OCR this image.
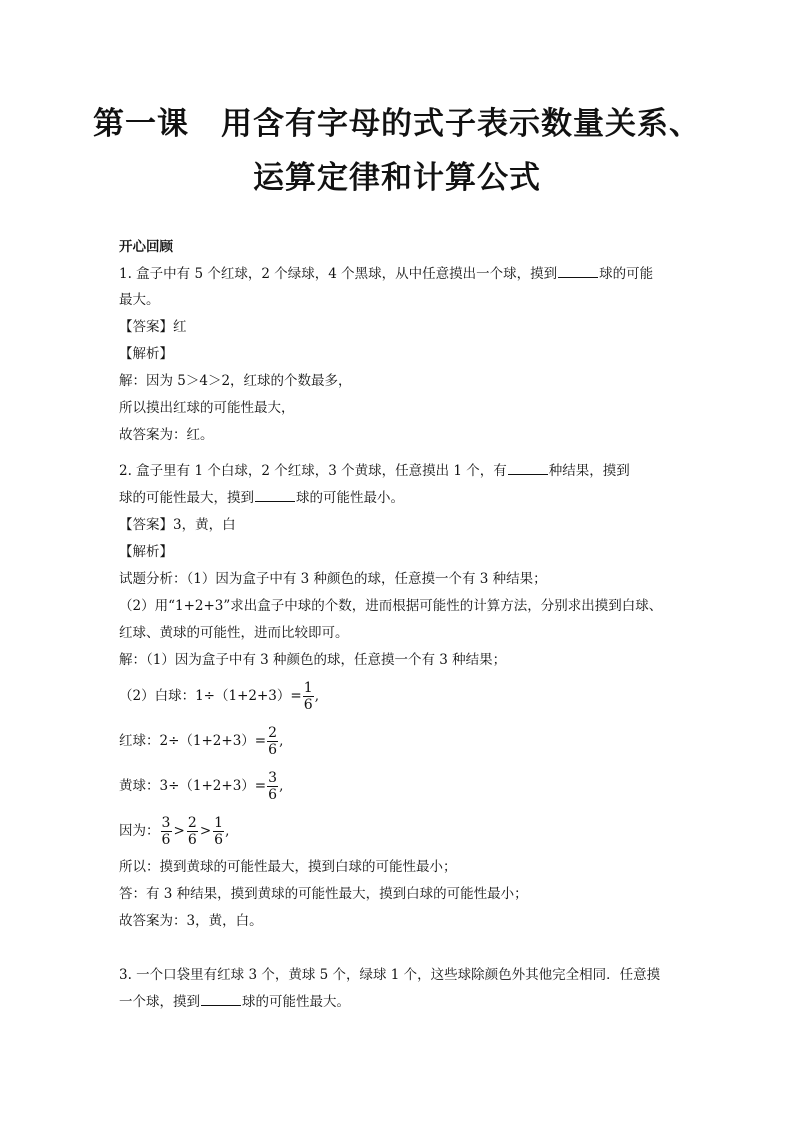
第一课　用含有字母的式子表示数量关系、
运算定律和计算公式
开心回顾
1. 盒子中有 5 个红球，2 个绿球，4 个黑球，从中任意摸出一个球，摸到	球的可能
最大。
【答案】红
【解析】
解：因为 5＞4＞2，红球的个数最多，
所以摸出红球的可能性最大，
故答案为：红。
2. 盒子里有 1 个白球，2 个红球，3 个黄球，任意摸出 1 个，有	种结果，摸到
球的可能性最大，摸到	球的可能性最小。
【答案】3，黄，白
【解析】
试题分析：（1）因为盒子中有 3 种颜色的球，任意摸一个有 3 种结果；
（2）用“1+2+3”求出盒子中球的个数，进而根据可能性的计算方法，分别求出摸到白球、
红球、黄球的可能性，进而比较即可。
解：（1）因为盒子中有 3 种颜色的球，任意摸一个有 3 种结果；
（2）白球：$1\div(1+2+3)= \frac{1}{6}$ ,
红球：$2\div(1+2+3)= \frac{2}{6}$ ,
黄球：$3\div(1+2+3)= \frac{3}{6}$ ,
因为： $\frac{3}{6} > \frac{2}{6} > \frac{1}{6}$ ,
所以：摸到黄球的可能性最大，摸到白球的可能性最小；
答：有 3 种结果，摸到黄球的可能性最大，摸到白球的可能性最小；
故答案为：3，黄，白。
3. 一个口袋里有红球 3 个，黄球 5 个，绿球 1 个，这些球除颜色外其他完全相同．任意摸
一个球，摸到	球的可能性最大。
